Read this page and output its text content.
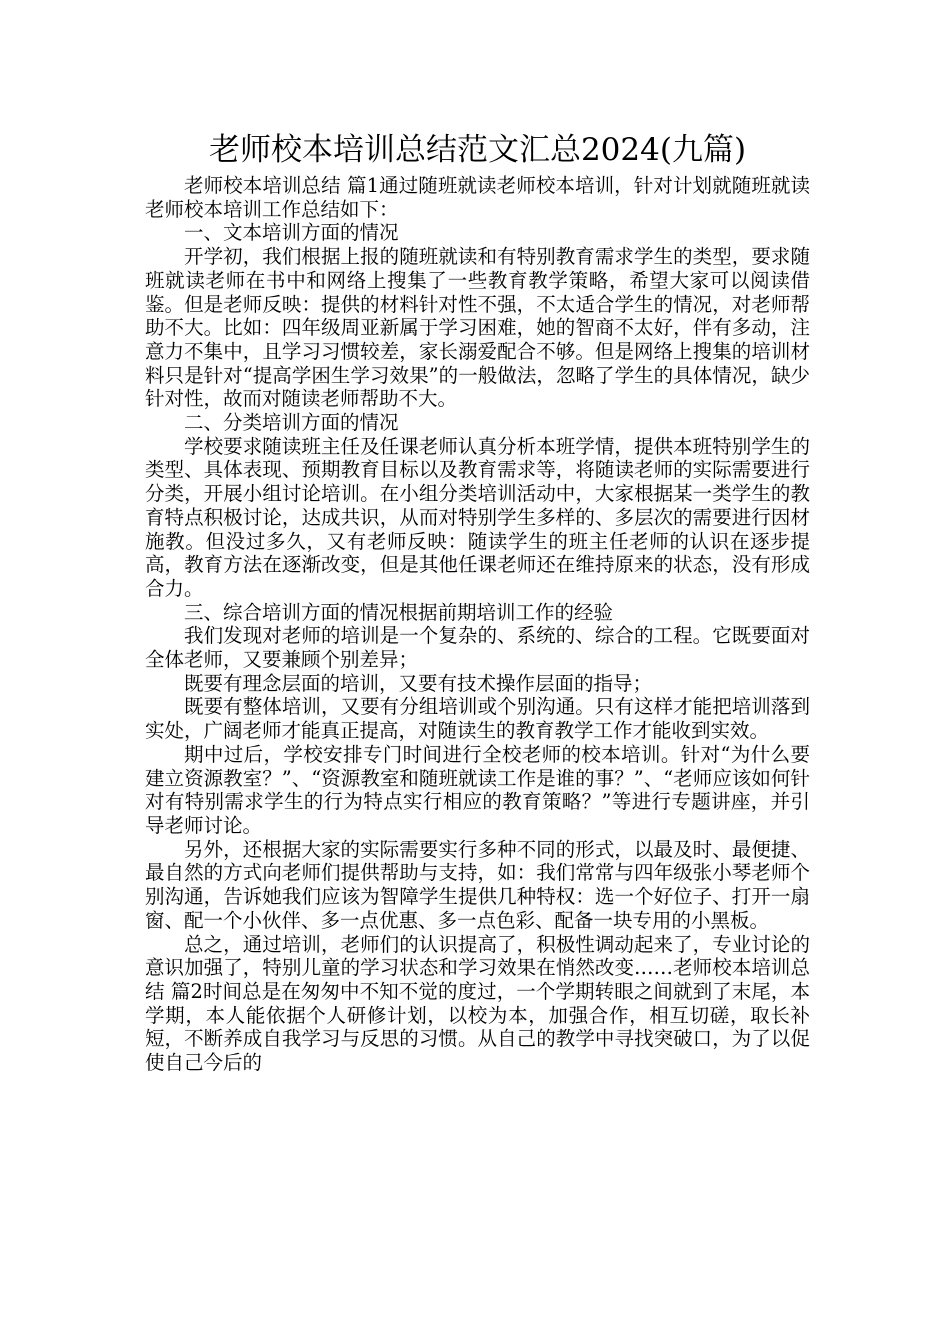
老师校本培训总结范文汇总2024(九篇)

老师校本培训总结 篇1通过随班就读老师校本培训，针对计划就随班就读老师校本培训工作总结如下：

一、文本培训方面的情况

开学初，我们根据上报的随班就读和有特别教育需求学生的类型，要求随班就读老师在书中和网络上搜集了一些教育教学策略，希望大家可以阅读借鉴。但是老师反映：提供的材料针对性不强，不太适合学生的情况，对老师帮助不大。比如：四年级周亚新属于学习困难，她的智商不太好，伴有多动，注意力不集中，且学习习惯较差，家长溺爱配合不够。但是网络上搜集的培训材料只是针对“提高学困生学习效果”的一般做法，忽略了学生的具体情况，缺少针对性，故而对随读老师帮助不大。

二、分类培训方面的情况

学校要求随读班主任及任课老师认真分析本班学情，提供本班特别学生的类型、具体表现、预期教育目标以及教育需求等，将随读老师的实际需要进行分类，开展小组讨论培训。在小组分类培训活动中，大家根据某一类学生的教育特点积极讨论，达成共识，从而对特别学生多样的、多层次的需要进行因材施教。但没过多久，又有老师反映：随读学生的班主任老师的认识在逐步提高，教育方法在逐渐改变，但是其他任课老师还在维持原来的状态，没有形成合力。

三、综合培训方面的情况根据前期培训工作的经验

我们发现对老师的培训是一个复杂的、系统的、综合的工程。它既要面对全体老师，又要兼顾个别差异；

既要有理念层面的培训，又要有技术操作层面的指导；

既要有整体培训，又要有分组培训或个别沟通。只有这样才能把培训落到实处，广阔老师才能真正提高，对随读生的教育教学工作才能收到实效。

期中过后，学校安排专门时间进行全校老师的校本培训。针对“为什么要建立资源教室？”、“资源教室和随班就读工作是谁的事？”、“老师应该如何针对有特别需求学生的行为特点实行相应的教育策略？”等进行专题讲座，并引导老师讨论。

另外，还根据大家的实际需要实行多种不同的形式，以最及时、最便捷、最自然的方式向老师们提供帮助与支持，如：我们常常与四年级张小琴老师个别沟通，告诉她我们应该为智障学生提供几种特权：选一个好位子、打开一扇窗、配一个小伙伴、多一点优惠、多一点色彩、配备一块专用的小黑板。

总之，通过培训，老师们的认识提高了，积极性调动起来了，专业讨论的意识加强了，特别儿童的学习状态和学习效果在悄然改变……老师校本培训总结 篇2时间总是在匆匆中不知不觉的度过，一个学期转眼之间就到了末尾，本学期，本人能依据个人研修计划，以校为本，加强合作，相互切磋，取长补短，不断养成自我学习与反思的习惯。从自己的教学中寻找突破口，为了以促使自己今后的
